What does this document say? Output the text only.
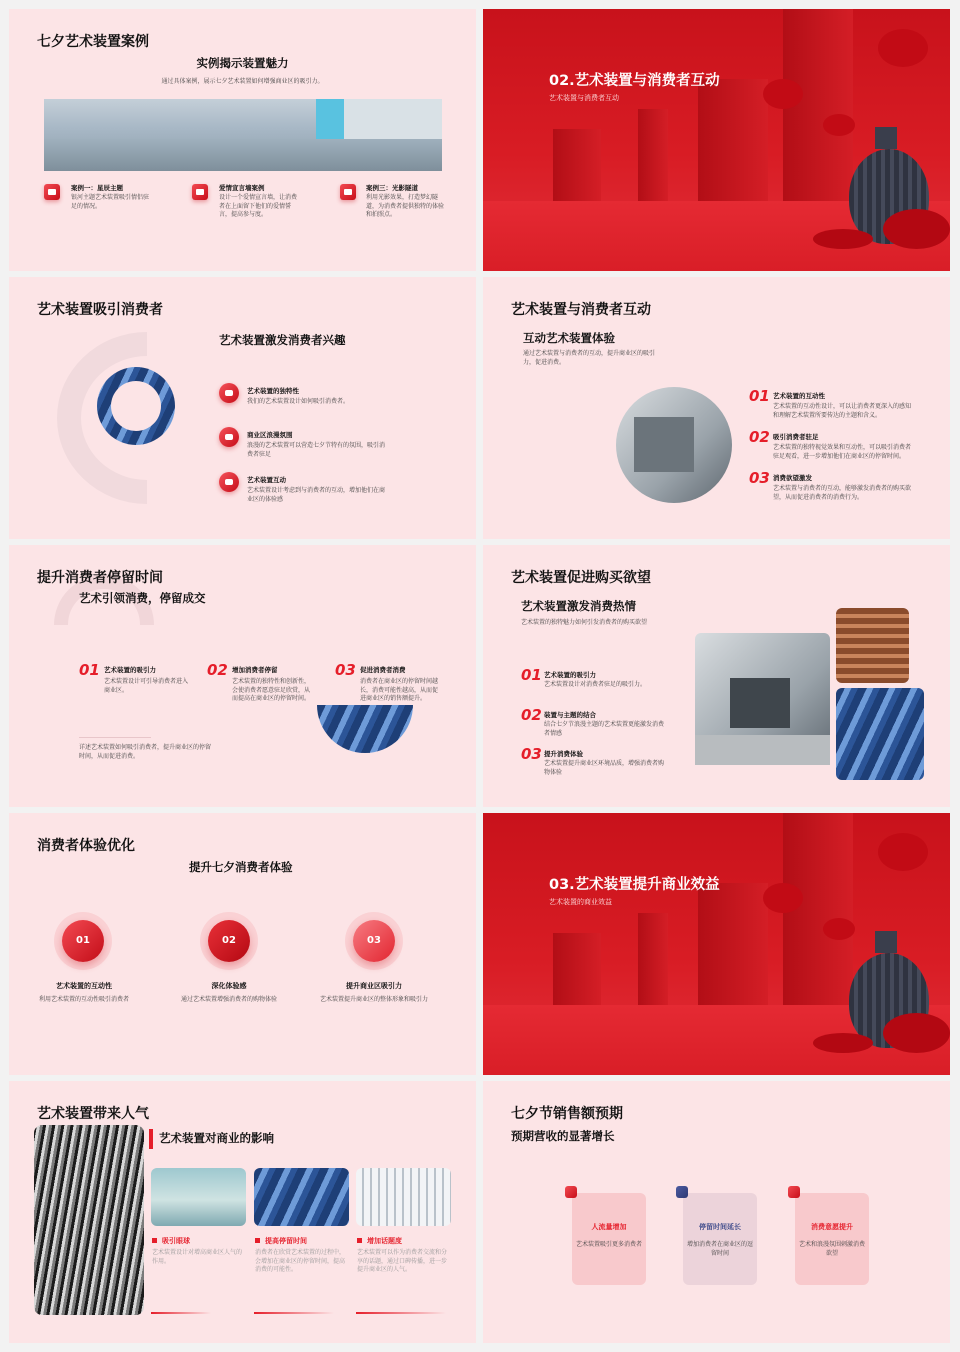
七夕艺术装置案例
实例揭示装置魅力
通过具体案例，展示七夕艺术装置如何增强商业区的吸引力。
案例一：星辰主题
银河主题艺术装置吸引情侣驻足的情况。
爱情宣言墙案例
设计一个爱情宣言墙，让消费者在上面留下他们的爱情誓言，提高参与度。
案例三：光影隧道
利用光影效果，打造梦幻隧道，为消费者提供独特的体验和拍照点。
02.艺术装置与消费者互动
艺术装置与消费者互动
艺术装置吸引消费者
艺术装置激发消费者兴趣
艺术装置的独特性
我们的艺术装置设计如何吸引消费者。
商业区浪漫氛围
浪漫的艺术装置可以营造七夕节特有的氛围，吸引消费者驻足
艺术装置互动
艺术装置设计考虑到与消费者的互动，增加他们在商业区的体验感
艺术装置与消费者互动
互动艺术装置体验
通过艺术装置与消费者的互动，提升商业区的吸引力，促进消费。
01 艺术装置的互动性
艺术装置的互动性设计，可以让消费者更深入的感知和理解艺术装置所要传达的主题和含义。
02 吸引消费者驻足
艺术装置的独特视觉效果和互动性，可以吸引消费者驻足观看，进一步增加他们在商业区的停留时间。
03 消费欲望激发
艺术装置与消费者的互动，能够激发消费者的购买欲望，从而促进消费者的消费行为。
提升消费者停留时间
艺术引领消费，停留成交
01 艺术装置的吸引力
艺术装置设计可引导消费者进入商业区。
02 增加消费者停留
艺术装置的独特性和创新性，会使消费者愿意驻足欣赏，从而提高在商业区的停留时间。
03 促进消费者消费
消费者在商业区的停留时间越长，消费可能性越高，从而促进商业区的销售额提升。
详述艺术装置如何吸引消费者，提升商业区的停留时间，从而促进消费。
艺术装置促进购买欲望
艺术装置激发消费热情
艺术装置的独特魅力如何引发消费者的购买欲望
01 艺术装置的吸引力
艺术装置设计对消费者驻足的吸引力。
02 装置与主题的结合
结合七夕节浪漫主题的艺术装置更能激发消费者情感
03 提升消费体验
艺术装置提升商业区环境品质，增强消费者购物体验
消费者体验优化
提升七夕消费者体验
01
艺术装置的互动性
利用艺术装置的互动性吸引消费者
02
深化体验感
通过艺术装置增强消费者的购物体验
03
提升商业区吸引力
艺术装置提升商业区的整体形象和吸引力
03.艺术装置提升商业效益
艺术装置的商业效益
艺术装置带来人气
艺术装置对商业的影响
吸引眼球
艺术装置设计对增高商业区人气的作用。
提高停留时间
消费者在欣赏艺术装置的过程中，会增加在商业区的停留时间，提高消费的可能性。
增加话题度
艺术装置可以作为消费者交流和分享的话题，通过口碑传播，进一步提升商业区的人气。
七夕节销售额预期
预期营收的显著增长
人流量增加
艺术装置吸引更多消费者
停留时间延长
增加消费者在商业区的逗留时间
消费意愿提升
艺术和浪漫氛围刺激消费欲望
